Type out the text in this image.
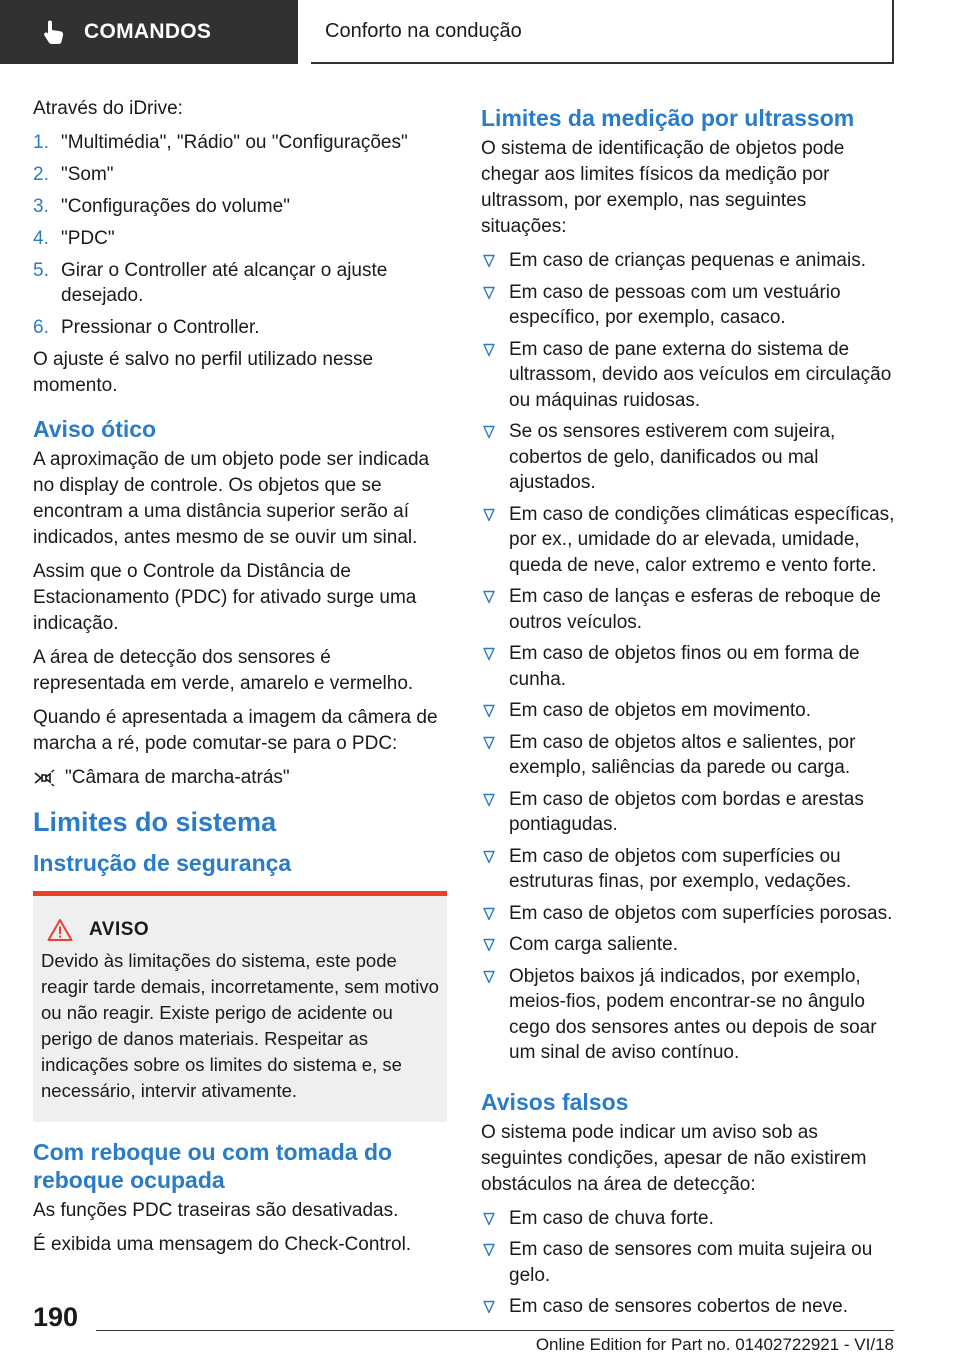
COMANDOS	Conforto na condução

Através do iDrive:

1. "Multimédia", "Rádio" ou "Configurações"
2. "Som"
3. "Configurações do volume"
4. "PDC"
5. Girar o Controller até alcançar o ajuste desejado.
6. Pressionar o Controller.

O ajuste é salvo no perfil utilizado nesse momento.

Aviso ótico

A aproximação de um objeto pode ser indicada no display de controle. Os objetos que se encontram a uma distância superior serão aí indicados, antes mesmo de se ouvir um sinal.

Assim que o Controle da Distância de Estacionamento (PDC) for ativado surge uma indicação.

A área de detecção dos sensores é representada em verde, amarelo e vermelho.

Quando é apresentada a imagem da câmera de marcha a ré, pode comutar-se para o PDC:

"Câmara de marcha-atrás"
Limites do sistema
Instrução de segurança
AVISO

Devido às limitações do sistema, este pode reagir tarde demais, incorretamente, sem motivo ou não reagir. Existe perigo de acidente ou perigo de danos materiais. Respeitar as indicações sobre os limites do sistema e, se necessário, intervir ativamente.

Com reboque ou com tomada do reboque ocupada

As funções PDC traseiras são desativadas.

É exibida uma mensagem do Check-Control.

Limites da medição por ultrassom

O sistema de identificação de objetos pode chegar aos limites físicos da medição por ultrassom, por exemplo, nas seguintes situações:

Em caso de crianças pequenas e animais.
Em caso de pessoas com um vestuário específico, por exemplo, casaco.
Em caso de pane externa do sistema de ultrassom, devido aos veículos em circulação ou máquinas ruidosas.
Se os sensores estiverem com sujeira, cobertos de gelo, danificados ou mal ajustados.
Em caso de condições climáticas específicas, por ex., umidade do ar elevada, umidade, queda de neve, calor extremo e vento forte.
Em caso de lanças e esferas de reboque de outros veículos.
Em caso de objetos finos ou em forma de cunha.
Em caso de objetos em movimento.
Em caso de objetos altos e salientes, por exemplo, saliências da parede ou carga.
Em caso de objetos com bordas e arestas pontiagudas.
Em caso de objetos com superfícies ou estruturas finas, por exemplo, vedações.
Em caso de objetos com superfícies porosas.
Com carga saliente.
Objetos baixos já indicados, por exemplo, meios-fios, podem encontrar-se no ângulo cego dos sensores antes ou depois de soar um sinal de aviso contínuo.
Avisos falsos

O sistema pode indicar um aviso sob as seguintes condições, apesar de não existirem obstáculos na área de detecção:

Em caso de chuva forte.
Em caso de sensores com muita sujeira ou gelo.
Em caso de sensores cobertos de neve.
190
Online Edition for Part no. 01402722921 - VI/18
